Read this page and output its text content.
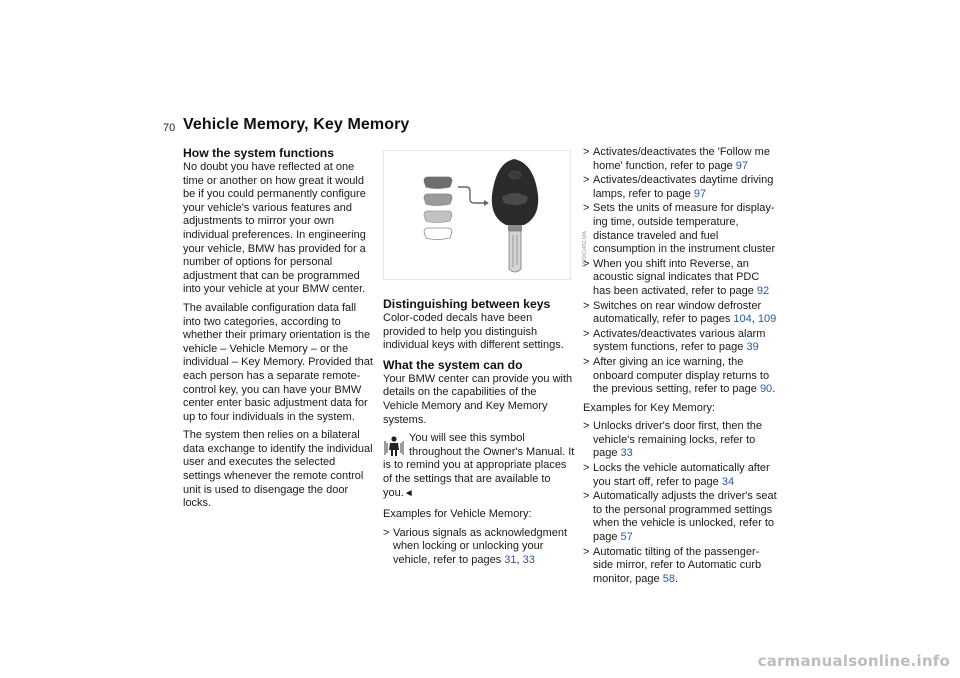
70 Vehicle Memory, Key Memory
How the system functions

No doubt you have reflected at one time or another on how great it would be if you could permanently configure your vehicle's various features and adjustments to mirror your own individual preferences. In engineering your vehicle, BMW has provided for a number of options for personal adjustment that can be programmed into your vehicle at your BMW center.

The available configuration data fall into two categories, according to whether their primary orientation is the vehicle – Vehicle Memory – or the individual – Key Memory. Provided that each person has a separate remote-control key, you can have your BMW center enter basic adjustment data for up to four individuals in the system.

The system then relies on a bilateral data exchange to identify the individual user and executes the selected settings whenever the remote control unit is used to disengage the door locks.

MV00146CMA
Distinguishing between keys

Color-coded decals have been provided to help you distinguish individual keys with different settings.

What the system can do

Your BMW center can provide you with details on the capabilities of the Vehicle Memory and Key Memory systems.

You will see this symbol throughout the Owner's Manual. It is to remind you at appropriate places of the settings that are available to you.◄

Examples for Vehicle Memory:

> Various signals as acknowledgment when locking or unlocking your vehicle, refer to pages 31, 33
> Activates/deactivates the 'Follow me home' function, refer to page 97
> Activates/deactivates daytime driving lamps, refer to page 97
> Sets the units of measure for display-ing time, outside temperature, distance traveled and fuel consumption in the instrument cluster
> When you shift into Reverse, an acoustic signal indicates that PDC has been activated, refer to page 92
> Switches on rear window defroster automatically, refer to pages 104, 109
> Activates/deactivates various alarm system functions, refer to page 39
> After giving an ice warning, the onboard computer display returns to the previous setting, refer to page 90.

Examples for Key Memory:

> Unlocks driver's door first, then the vehicle's remaining locks, refer to page 33
> Locks the vehicle automatically after you start off, refer to page 34
> Automatically adjusts the driver's seat to the personal programmed settings when the vehicle is unlocked, refer to page 57
> Automatic tilting of the passenger-side mirror, refer to Automatic curb monitor, page 58.
carmanualsonline.info
